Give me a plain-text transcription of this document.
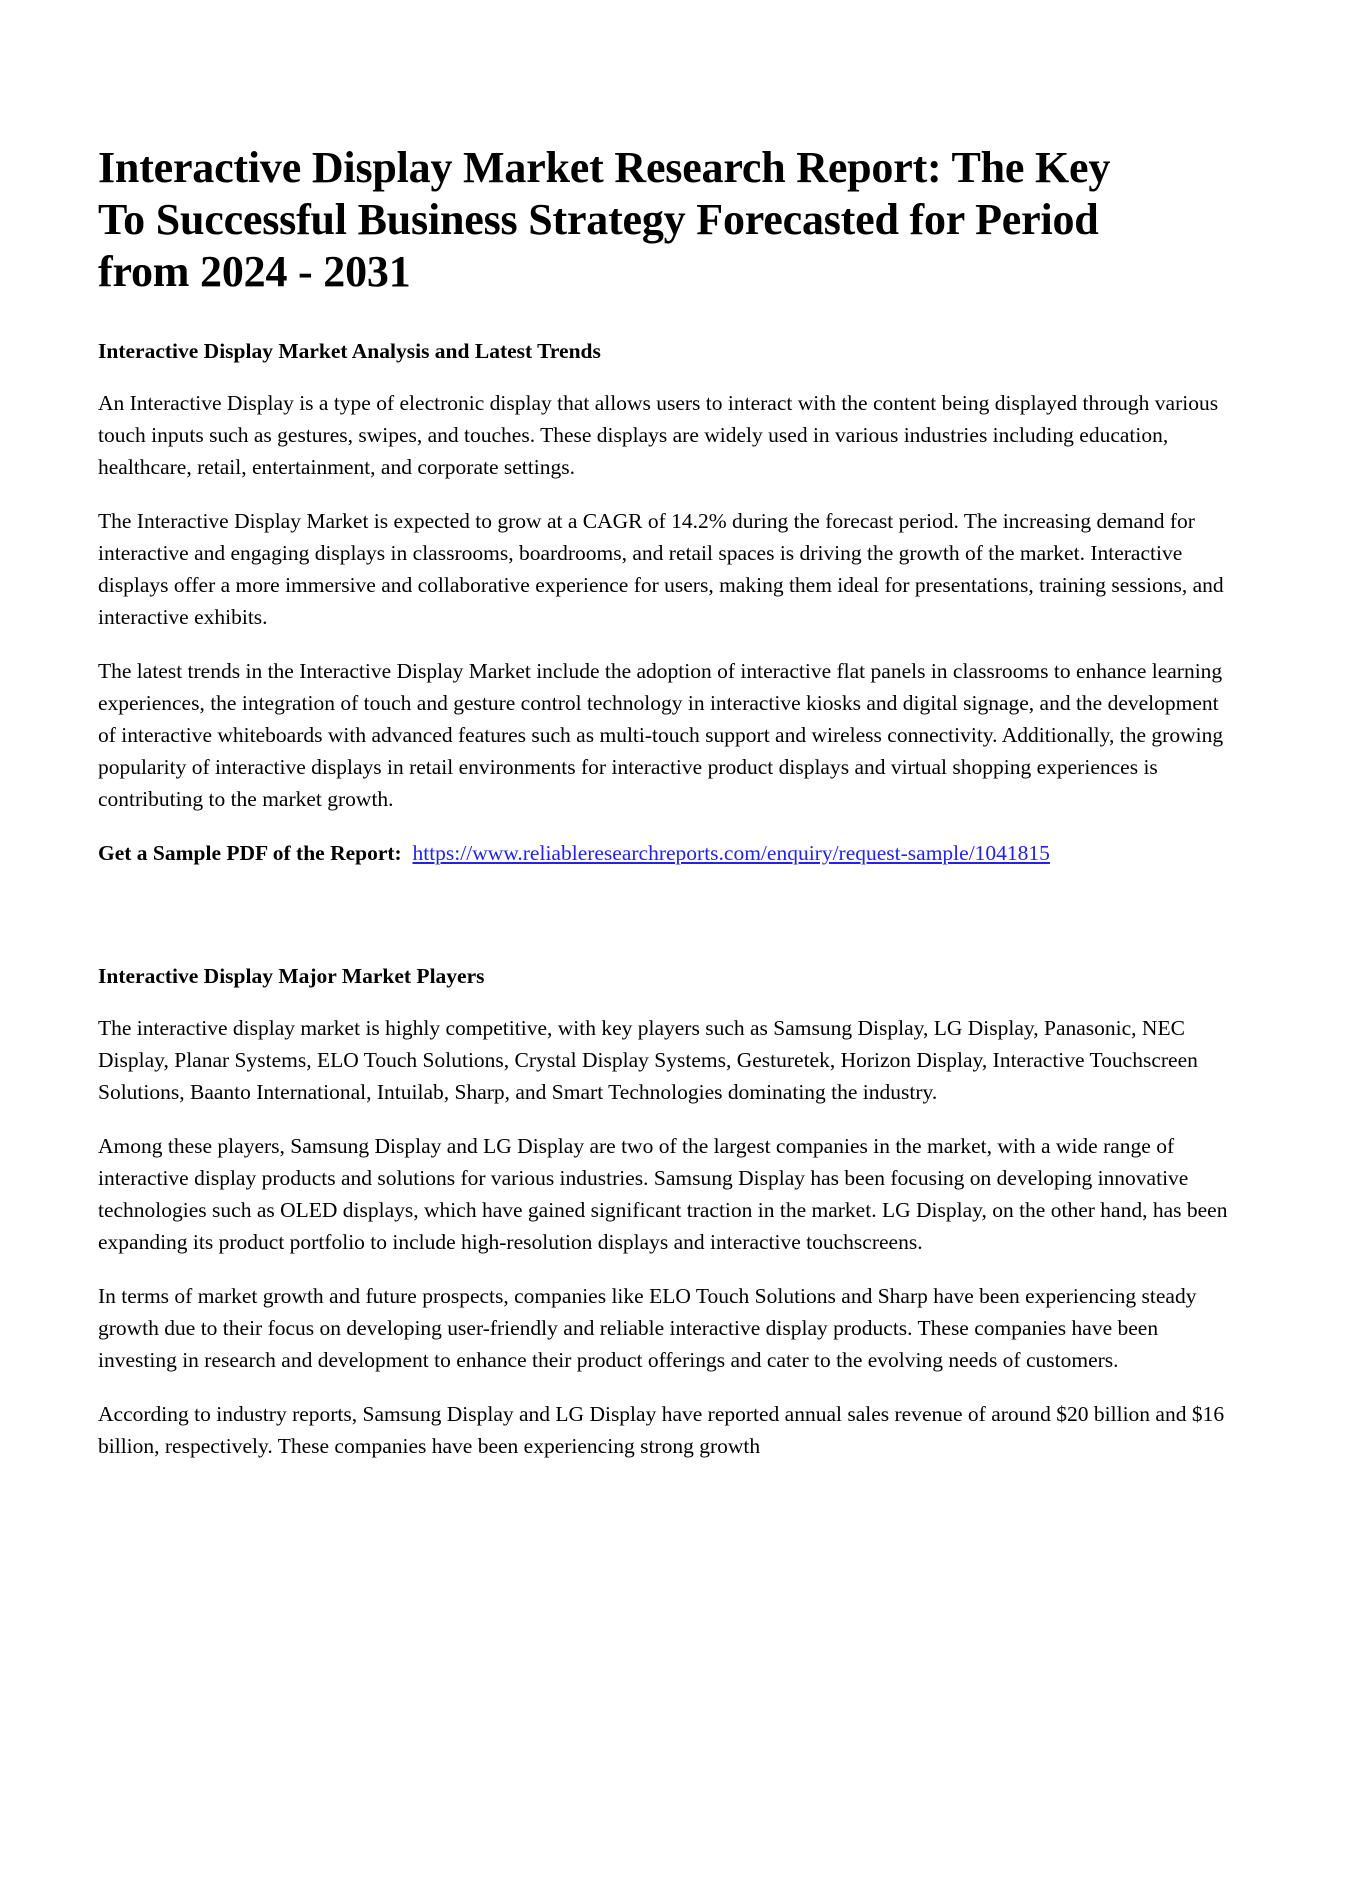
Interactive Display Market Research Report: The Key To Successful Business Strategy Forecasted for Period from 2024 - 2031
Interactive Display Market Analysis and Latest Trends

An Interactive Display is a type of electronic display that allows users to interact with the content being displayed through various touch inputs such as gestures, swipes, and touches. These displays are widely used in various industries including education, healthcare, retail, entertainment, and corporate settings.

The Interactive Display Market is expected to grow at a CAGR of 14.2% during the forecast period. The increasing demand for interactive and engaging displays in classrooms, boardrooms, and retail spaces is driving the growth of the market. Interactive displays offer a more immersive and collaborative experience for users, making them ideal for presentations, training sessions, and interactive exhibits.

The latest trends in the Interactive Display Market include the adoption of interactive flat panels in classrooms to enhance learning experiences, the integration of touch and gesture control technology in interactive kiosks and digital signage, and the development of interactive whiteboards with advanced features such as multi-touch support and wireless connectivity. Additionally, the growing popularity of interactive displays in retail environments for interactive product displays and virtual shopping experiences is contributing to the market growth.

Get a Sample PDF of the Report: https://www.reliableresearchreports.com/enquiry/request-sample/1041815
Interactive Display Major Market Players

The interactive display market is highly competitive, with key players such as Samsung Display, LG Display, Panasonic, NEC Display, Planar Systems, ELO Touch Solutions, Crystal Display Systems, Gesturetek, Horizon Display, Interactive Touchscreen Solutions, Baanto International, Intuilab, Sharp, and Smart Technologies dominating the industry.

Among these players, Samsung Display and LG Display are two of the largest companies in the market, with a wide range of interactive display products and solutions for various industries. Samsung Display has been focusing on developing innovative technologies such as OLED displays, which have gained significant traction in the market. LG Display, on the other hand, has been expanding its product portfolio to include high-resolution displays and interactive touchscreens.

In terms of market growth and future prospects, companies like ELO Touch Solutions and Sharp have been experiencing steady growth due to their focus on developing user-friendly and reliable interactive display products. These companies have been investing in research and development to enhance their product offerings and cater to the evolving needs of customers.

According to industry reports, Samsung Display and LG Display have reported annual sales revenue of around $20 billion and $16 billion, respectively. These companies have been experiencing strong growth
